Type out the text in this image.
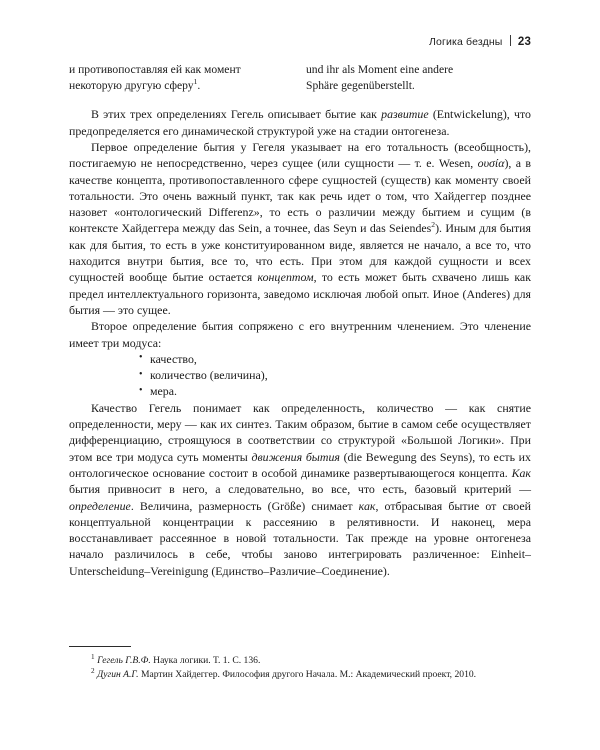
Логика бездны 23
и противопоставляя ей как момент
некоторую другую сферу$^1$.
und ihr als Moment eine andere
Sphäre gegenüberstellt.

В этих трех определениях Гегель описывает бытие как развитие (Entwickelung), что предопределяется его динамической структурой уже на стадии онтогенеза.

Первое определение бытия у Гегеля указывает на его тотальность (всеобщность), постигаемую не непосредственно, через сущее (или сущности — т. е. Wesen, ουσία), а в качестве концепта, противопоставленного сфере сущностей (существ) как моменту своей тотальности. Это очень важный пункт, так как речь идет о том, что Хайдеггер позднее назовет «онтологический Differenz», то есть о различии между бытием и сущим (в контексте Хайдеггера между das Sein, а точнее, das Seyn и das Seiendes$^2$). Иным для бытия как для бытия, то есть в уже конституированном виде, является не начало, а все то, что находится внутри бытия, все то, что есть. При этом для каждой сущности и всех сущностей вообще бытие остается концептом, то есть может быть схвачено лишь как предел интеллектуального горизонта, заведомо исключая любой опыт. Иное (Anderes) для бытия — это сущее.

Второе определение бытия сопряжено с его внутренним членением. Это членение имеет три модуса:

• качество,
• количество (величина),
• мера.

Качество Гегель понимает как определенность, количество — как снятие определенности, меру — как их синтез. Таким образом, бытие в самом себе осуществляет дифференциацию, строящуюся в соответствии со структурой «Большой Логики». При этом все три модуса суть моменты движения бытия (die Bewegung des Seyns), то есть их онтологическое основание состоит в особой динамике развертывающегося концепта. Как бытия привносит в него, а следовательно, во все, что есть, базовый критерий — определение. Величина, размерность (Größe) снимает как, отбрасывая бытие от своей концептуальной концентрации к рассеянию в релятивности. И наконец, мера восстанавливает рассеянное в новой тотальности. Так прежде на уровне онтогенеза начало различилось в себе, чтобы заново интегрировать различенное: Einheit–Unterscheidung–Vereinigung (Единство–Различие–Соединение).

$^1$ Гегель Г.В.Ф. Наука логики. Т. 1. С. 136.

$^2$ Дугин А.Г. Мартин Хайдеггер. Философия другого Начала. М.: Академический проект, 2010.
